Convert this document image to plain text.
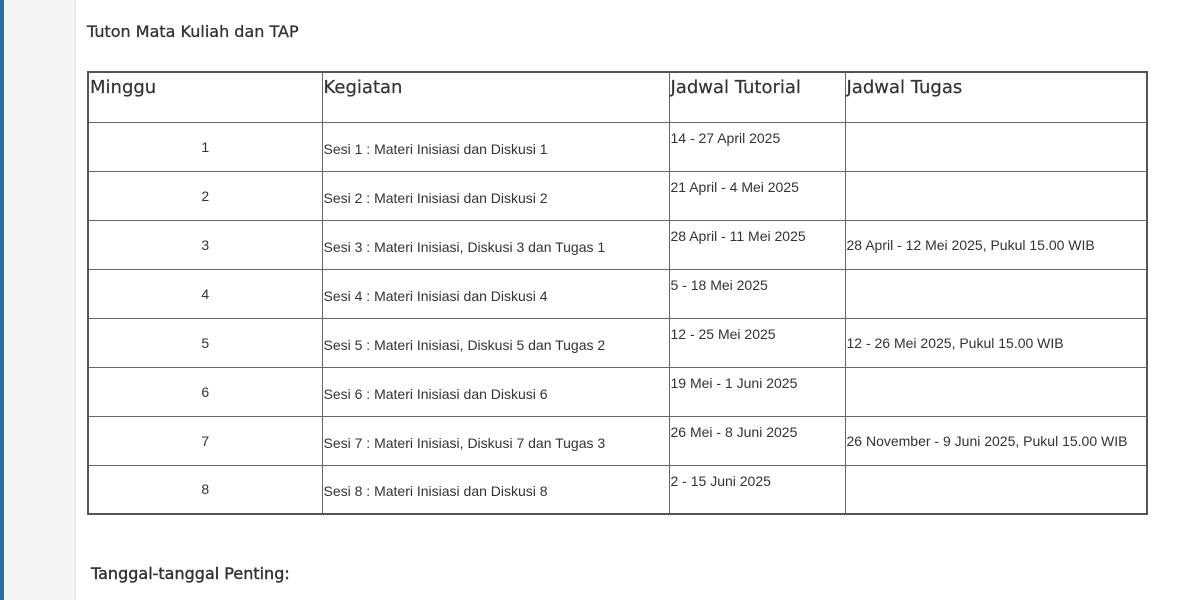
Tuton Mata Kuliah dan TAP
Minggu	Kegiatan	Jadwal Tutorial	Jadwal Tugas
1	Sesi 1 : Materi Inisiasi dan Diskusi 1	14 - 27 April 2025	
2	Sesi 2 : Materi Inisiasi dan Diskusi 2	21 April - 4 Mei 2025	
3	Sesi 3 : Materi Inisiasi, Diskusi 3 dan Tugas 1	28 April - 11 Mei 2025	28 April - 12 Mei 2025, Pukul 15.00 WIB
4	Sesi 4 : Materi Inisiasi dan Diskusi 4	5 - 18 Mei 2025	
5	Sesi 5 : Materi Inisiasi, Diskusi 5 dan Tugas 2	12 - 25 Mei 2025	12 - 26 Mei 2025, Pukul 15.00 WIB
6	Sesi 6 : Materi Inisiasi dan Diskusi 6	19 Mei - 1 Juni 2025	
7	Sesi 7 : Materi Inisiasi, Diskusi 7 dan Tugas 3	26 Mei - 8 Juni 2025	26 November - 9 Juni 2025, Pukul 15.00 WIB
8	Sesi 8 : Materi Inisiasi dan Diskusi 8	2 - 15 Juni 2025	
Tanggal-tanggal Penting:
